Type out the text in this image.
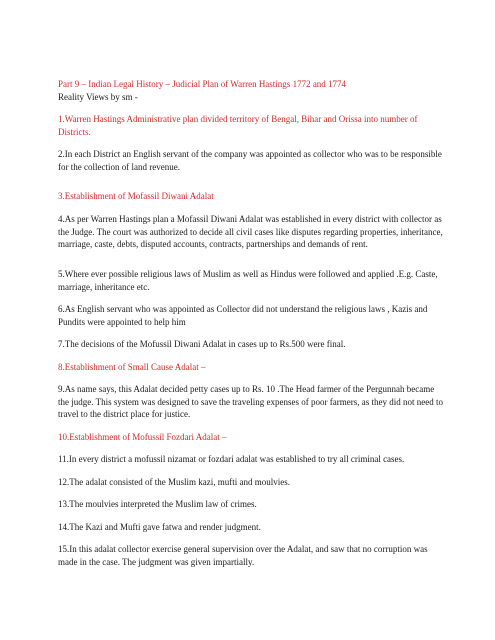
Part 9 – Indian Legal History – Judicial Plan of Warren Hastings 1772 and 1774

Reality Views by sm -

1.Warren Hastings Administrative plan divided territory of Bengal, Bihar and Orissa into number of Districts.

2.In each District an English servant of the company was appointed as collector who was to be responsible for the collection of land revenue.

3.Establishment of Mofassil Diwani Adalat

4.As per Warren Hastings plan a Mofassil Diwani Adalat was established in every district with collector as the Judge. The court was authorized to decide all civil cases like disputes regarding properties, inheritance, marriage, caste, debts, disputed accounts, contracts, partnerships and demands of rent.

5.Where ever possible religious laws of Muslim as well as Hindus were followed and applied .E.g. Caste, marriage, inheritance etc.

6.As English servant who was appointed as Collector did not understand the religious laws , Kazis and Pundits were appointed to help him

7.The decisions of the Mofussil Diwani Adalat in cases up to Rs.500 were final.

8.Establishment of Small Cause Adalat –

9.As name says, this Adalat decided petty cases up to Rs. 10 .The Head farmer of the Pergunnah became the judge. This system was designed to save the traveling expenses of poor farmers, as they did not need to travel to the district place for justice.

10.Establishment of Mofussil Fozdari Adalat –

11.In every district a mofussil nizamat or fozdari adalat was established to try all criminal cases.

12.The adalat consisted of the Muslim kazi, mufti and moulvies.

13.The moulvies interpreted the Muslim law of crimes.

14.The Kazi and Mufti gave fatwa and render judgment.

15.In this adalat collector exercise general supervision over the Adalat, and saw that no corruption was made in the case. The judgment was given impartially.
